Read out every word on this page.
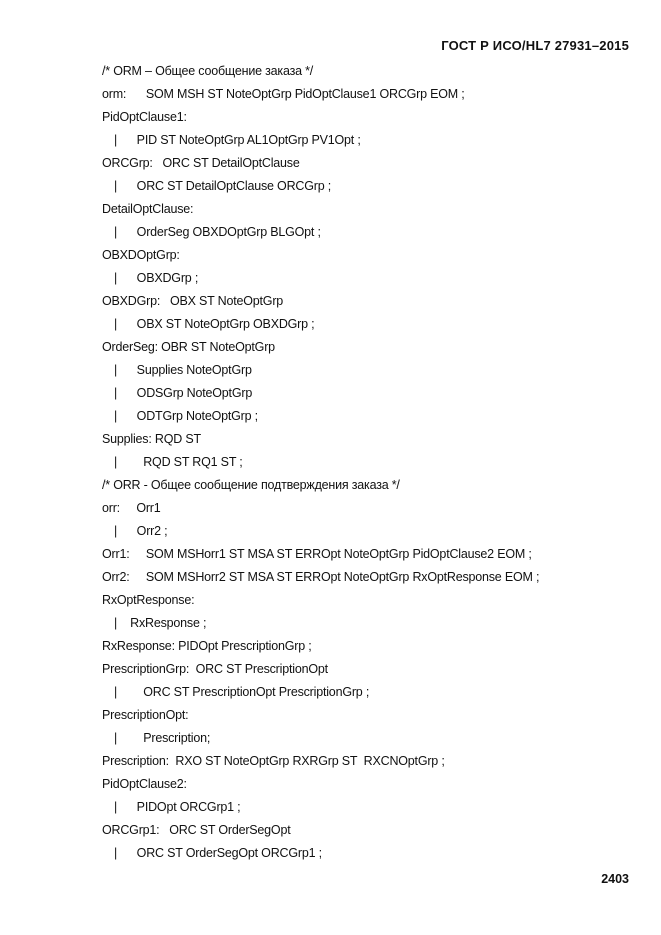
ГОСТ Р ИСО/HL7 27931–2015
/* ORM – Общее сообщение заказа */
orm:      SOM MSH ST NoteOptGrp PidOptClause1 ORCGrp EOM ;
PidOptClause1:
|      PID ST NoteOptGrp AL1OptGrp PV1Opt ;
ORCGrp:   ORC ST DetailOptClause
|      ORC ST DetailOptClause ORCGrp ;
DetailOptClause:
|      OrderSeg OBXDOptGrp BLGOpt ;
OBXDOptGrp:
|      OBXDGrp ;
OBXDGrp:   OBX ST NoteOptGrp
|      OBX ST NoteOptGrp OBXDGrp ;
OrderSeg: OBR ST NoteOptGrp
|      Supplies NoteOptGrp
|      ODSGrp NoteOptGrp
|      ODTGrp NoteOptGrp ;
Supplies: RQD ST
|        RQD ST RQ1 ST ;
/* ORR - Общее сообщение подтверждения заказа */
orr:     Orr1
|      Orr2 ;
Orr1:     SOM MSHorr1 ST MSA ST ERROpt NoteOptGrp PidOptClause2 EOM ;
Orr2:     SOM MSHorr2 ST MSA ST ERROpt NoteOptGrp RxOptResponse EOM ;
RxOptResponse:
|    RxResponse ;
RxResponse: PIDOpt PrescriptionGrp ;
PrescriptionGrp:  ORC ST PrescriptionOpt
|        ORC ST PrescriptionOpt PrescriptionGrp ;
PrescriptionOpt:
|        Prescription;
Prescription:  RXO ST NoteOptGrp RXRGrp ST  RXCNOptGrp ;
PidOptClause2:
|      PIDOpt ORCGrp1 ;
ORCGrp1:   ORC ST OrderSegOpt
|      ORC ST OrderSegOpt ORCGrp1 ;
2403
